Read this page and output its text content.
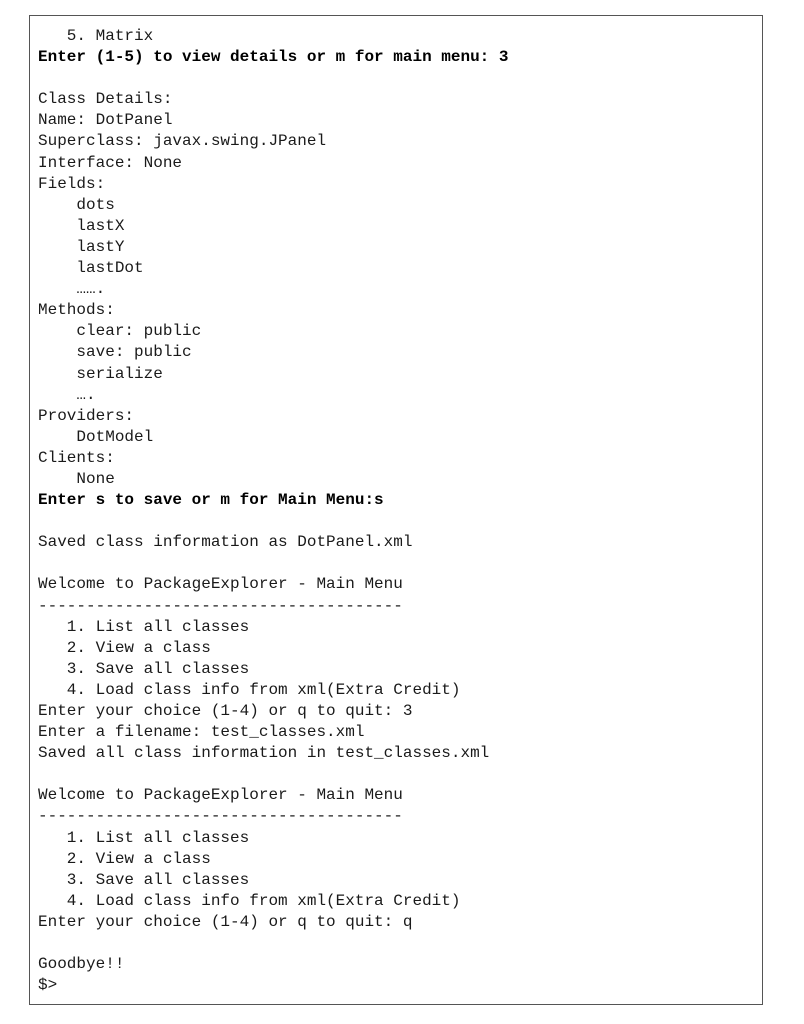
5. Matrix
Enter (1-5) to view details or m for main menu: 3
Class Details:
Name: DotPanel
Superclass: javax.swing.JPanel
Interface: None
Fields:
dots
lastX
lastY
lastDot
…….
Methods:
clear: public
save: public
serialize
….
Providers:
DotModel
Clients:
None
Enter s to save or m for Main Menu:s
Saved class information as DotPanel.xml
Welcome to PackageExplorer - Main Menu
--------------------------------------
1. List all classes
2. View a class
3. Save all classes
4. Load class info from xml(Extra Credit)
Enter your choice (1-4) or q to quit: 3
Enter a filename: test_classes.xml
Saved all class information in test_classes.xml
Welcome to PackageExplorer - Main Menu
--------------------------------------
1. List all classes
2. View a class
3. Save all classes
4. Load class info from xml(Extra Credit)
Enter your choice (1-4) or q to quit: q
Goodbye!!
$>
